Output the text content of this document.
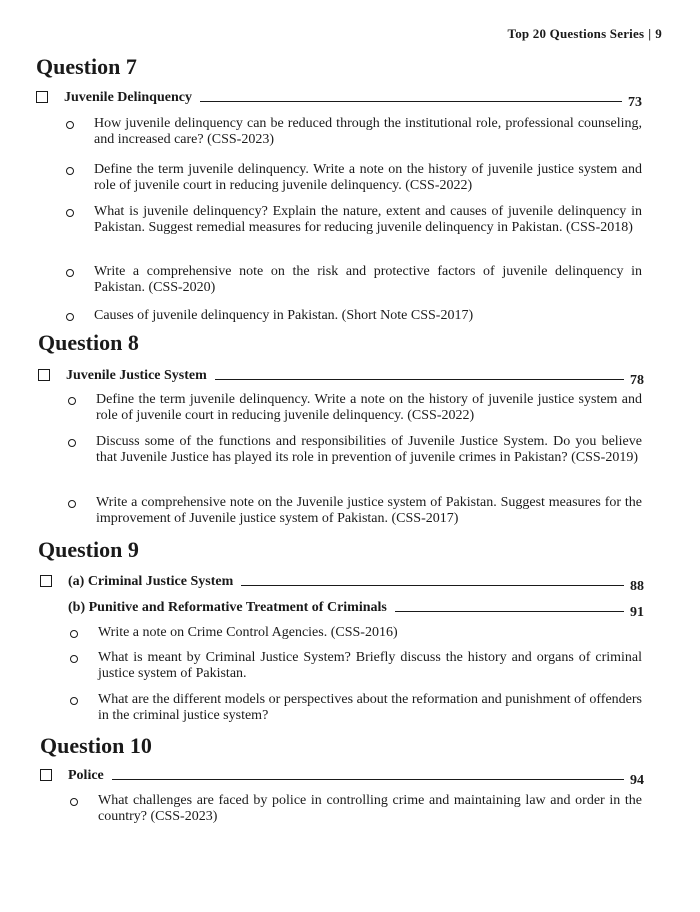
Top 20 Questions Series | 9
Question 7
Juvenile Delinquency	73
How juvenile delinquency can be reduced through the institutional role, professional counseling, and increased care? (CSS-2023)
Define the term juvenile delinquency. Write a note on the history of juvenile justice system and role of juvenile court in reducing juvenile delinquency. (CSS-2022)
What is juvenile delinquency? Explain the nature, extent and causes of juvenile delinquency in Pakistan. Suggest remedial measures for reducing juvenile delinquency in Pakistan. (CSS-2018)
Write a comprehensive note on the risk and protective factors of juvenile delinquency in Pakistan. (CSS-2020)
Causes of juvenile delinquency in Pakistan. (Short Note CSS-2017)
Question 8
Juvenile Justice System	78
Define the term juvenile delinquency. Write a note on the history of juvenile justice system and role of juvenile court in reducing juvenile delinquency. (CSS-2022)
Discuss some of the functions and responsibilities of Juvenile Justice System. Do you believe that Juvenile Justice has played its role in prevention of juvenile crimes in Pakistan? (CSS-2019)
Write a comprehensive note on the Juvenile justice system of Pakistan. Suggest measures for the improvement of Juvenile justice system of Pakistan. (CSS-2017)
Question 9
(a) Criminal Justice System	88
(b) Punitive and Reformative Treatment of Criminals	91
Write a note on Crime Control Agencies. (CSS-2016)
What is meant by Criminal Justice System? Briefly discuss the history and organs of criminal justice system of Pakistan.
What are the different models or perspectives about the reformation and punishment of offenders in the criminal justice system?
Question 10
Police	94
What challenges are faced by police in controlling crime and maintaining law and order in the country? (CSS-2023)
